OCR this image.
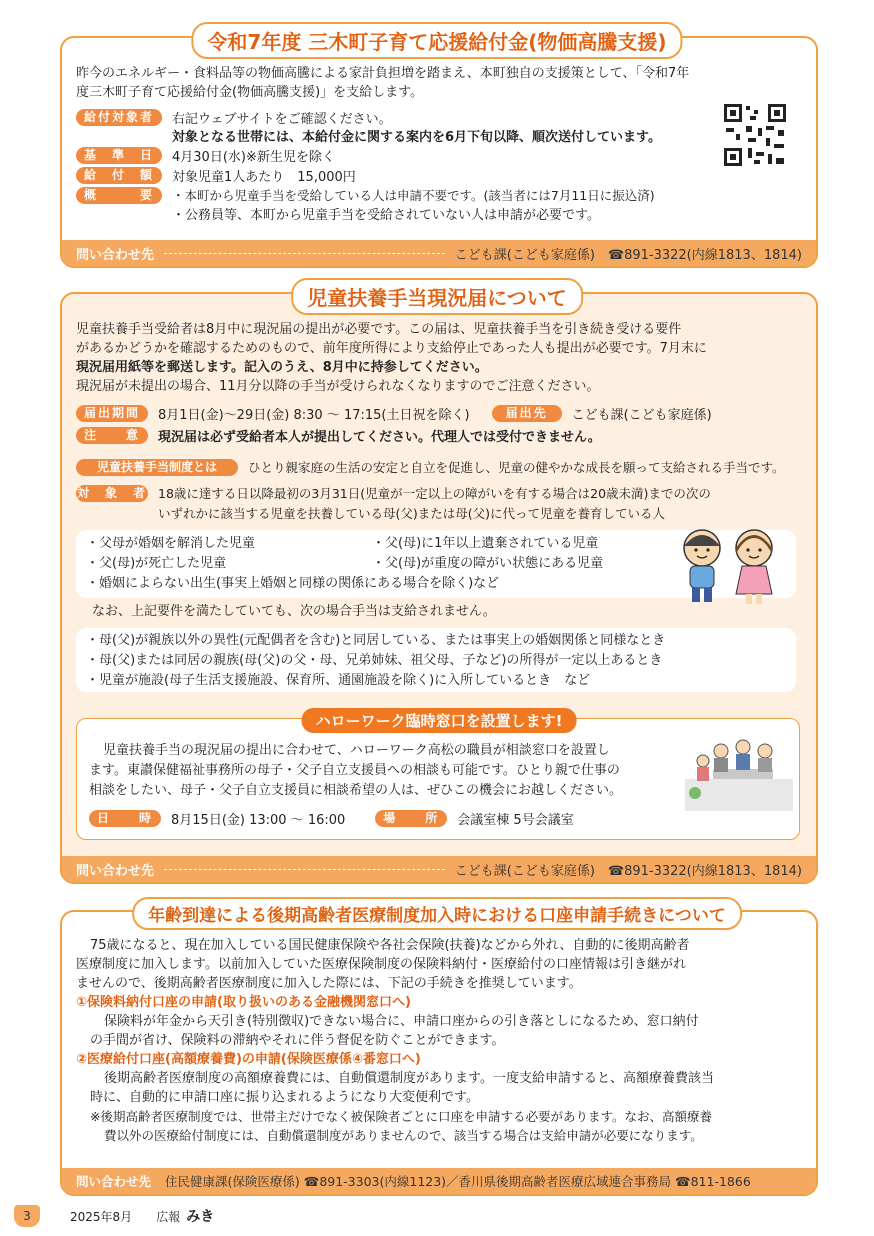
令和7年度 三木町子育て応援給付金(物価高騰支援)
昨今のエネルギー・食料品等の物価高騰による家計負担増を踏まえ、本町独自の支援策として、「令和7年
度三木町子育て応援給付金(物価高騰支援)」を支給します。
給付対象者	右記ウェブサイトをご確認ください。
対象となる世帯には、本給付金に関する案内を6月下旬以降、順次送付しています。
基　準　日	4月30日(水)※新生児を除く
給　付　額	対象児童1人あたり　15,000円
概　　　要	・本町から児童手当を受給している人は申請不要です。(該当者には7月11日に振込済)
・公務員等、本町から児童手当を受給されていない人は申請が必要です。
問い合わせ先	こども課(こども家庭係)　☎891-3322(内線1813、1814)
児童扶養手当現況届について
児童扶養手当受給者は8月中に現況届の提出が必要です。この届は、児童扶養手当を引き続き受ける要件
があるかどうかを確認するためのもので、前年度所得により支給停止であった人も提出が必要です。7月末に
現況届用紙等を郵送します。記入のうえ、8月中に持参してください。
現況届が未提出の場合、11月分以降の手当が受けられなくなりますのでご注意ください。
届出期間	8月1日(金)～29日(金) 8:30 ～ 17:15(土日祝を除く)	届出先	こども課(こども家庭係)
注　　意	現況届は必ず受給者本人が提出してください。代理人では受付できません。
児童扶養手当制度とは	ひとり親家庭の生活の安定と自立を促進し、児童の健やかな成長を願って支給される手当です。
対　象　者 18歳に達する日以降最初の3月31日(児童が一定以上の障がいを有する場合は20歳未満)までの次の
いずれかに該当する児童を扶養している母(父)または母(父)に代って児童を養育している人
・父母が婚姻を解消した児童
・父(母)が死亡した児童
・婚姻によらない出生(事実上婚姻と同様の関係にある場合を除く)など
・父(母)に1年以上遺棄されている児童
・父(母)が重度の障がい状態にある児童
なお、上記要件を満たしていても、次の場合手当は支給されません。
・母(父)が親族以外の異性(元配偶者を含む)と同居している、または事実上の婚姻関係と同様なとき
・母(父)または同居の親族(母(父)の父・母、兄弟姉妹、祖父母、子など)の所得が一定以上あるとき
・児童が施設(母子生活支援施設、保育所、通園施設を除く)に入所しているとき　など
児童扶養手当の現況届の提出に合わせて、ハローワーク高松の職員が相談窓口を設置し
ます。東讃保健福祉事務所の母子・父子自立支援員への相談も可能です。ひとり親で仕事の
相談をしたい、母子・父子自立支援員に相談希望の人は、ぜひこの機会にお越しください。
日　　時	8月15日(金) 13:00 ～ 16:00	場　　所	会議室棟 5号会議室
ハローワーク臨時窓口を設置します!
問い合わせ先	こども課(こども家庭係)　☎891-3322(内線1813、1814)
年齢到達による後期高齢者医療制度加入時における口座申請手続きについて
75歳になると、現在加入している国民健康保険や各社会保険(扶養)などから外れ、自動的に後期高齢者
医療制度に加入します。以前加入していた医療保険制度の保険料納付・医療給付の口座情報は引き継がれ
ませんので、後期高齢者医療制度に加入した際には、下記の手続きを推奨しています。
①保険料納付口座の申請(取り扱いのある金融機関窓口へ)
保険料が年金から天引き(特別徴収)できない場合に、申請口座からの引き落としになるため、窓口納付
の手間が省け、保険料の滞納やそれに伴う督促を防ぐことができます。
②医療給付口座(高額療養費)の申請(保険医療係④番窓口へ)
後期高齢者医療制度の高額療養費には、自動償還制度があります。一度支給申請すると、高額療養費該当
時に、自動的に申請口座に振り込まれるようになり大変便利です。
※後期高齢者医療制度では、世帯主だけでなく被保険者ごとに口座を申請する必要があります。なお、高額療養
費以外の医療給付制度には、自動償還制度がありませんので、該当する場合は支給申請が必要になります。
問い合わせ先 住民健康課(保険医療係) ☎891-3303(内線1123)／香川県後期高齢者医療広域連合事務局 ☎811-1866
3	2025年8月 広報 みき
